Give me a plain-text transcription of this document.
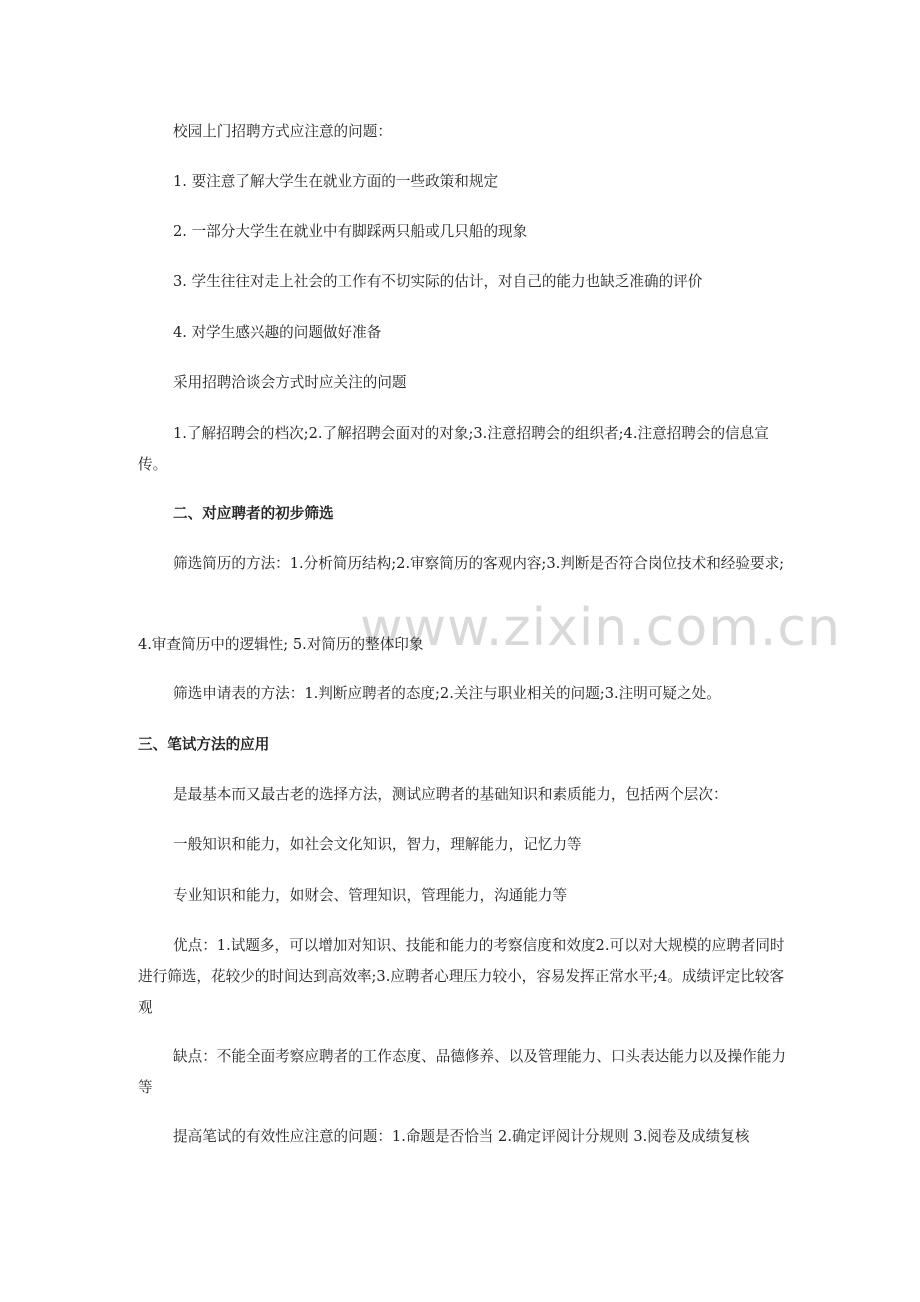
www.zixin.com.cn

校园上门招聘方式应注意的问题：

1. 要注意了解大学生在就业方面的一些政策和规定

2. 一部分大学生在就业中有脚踩两只船或几只船的现象

3. 学生往往对走上社会的工作有不切实际的估计，对自己的能力也缺乏准确的评价

4. 对学生感兴趣的问题做好准备

采用招聘洽谈会方式时应关注的问题

1.了解招聘会的档次;2.了解招聘会面对的对象;3.注意招聘会的组织者;4.注意招聘会的信息宣传。

二、对应聘者的初步筛选

筛选简历的方法：1.分析简历结构;2.审察简历的客观内容;3.判断是否符合岗位技术和经验要求;

4.审查简历中的逻辑性; 5.对简历的整体印象

筛选申请表的方法：1.判断应聘者的态度;2.关注与职业相关的问题;3.注明可疑之处。

三、笔试方法的应用

是最基本而又最古老的选择方法，测试应聘者的基础知识和素质能力，包括两个层次：

一般知识和能力，如社会文化知识，智力，理解能力，记忆力等

专业知识和能力，如财会、管理知识，管理能力，沟通能力等

优点：1.试题多，可以增加对知识、技能和能力的考察信度和效度2.可以对大规模的应聘者同时进行筛选，花较少的时间达到高效率;3.应聘者心理压力较小，容易发挥正常水平;4。成绩评定比较客观

缺点：不能全面考察应聘者的工作态度、品德修养、以及管理能力、口头表达能力以及操作能力等

提高笔试的有效性应注意的问题：1.命题是否恰当 2.确定评阅计分规则 3.阅卷及成绩复核
